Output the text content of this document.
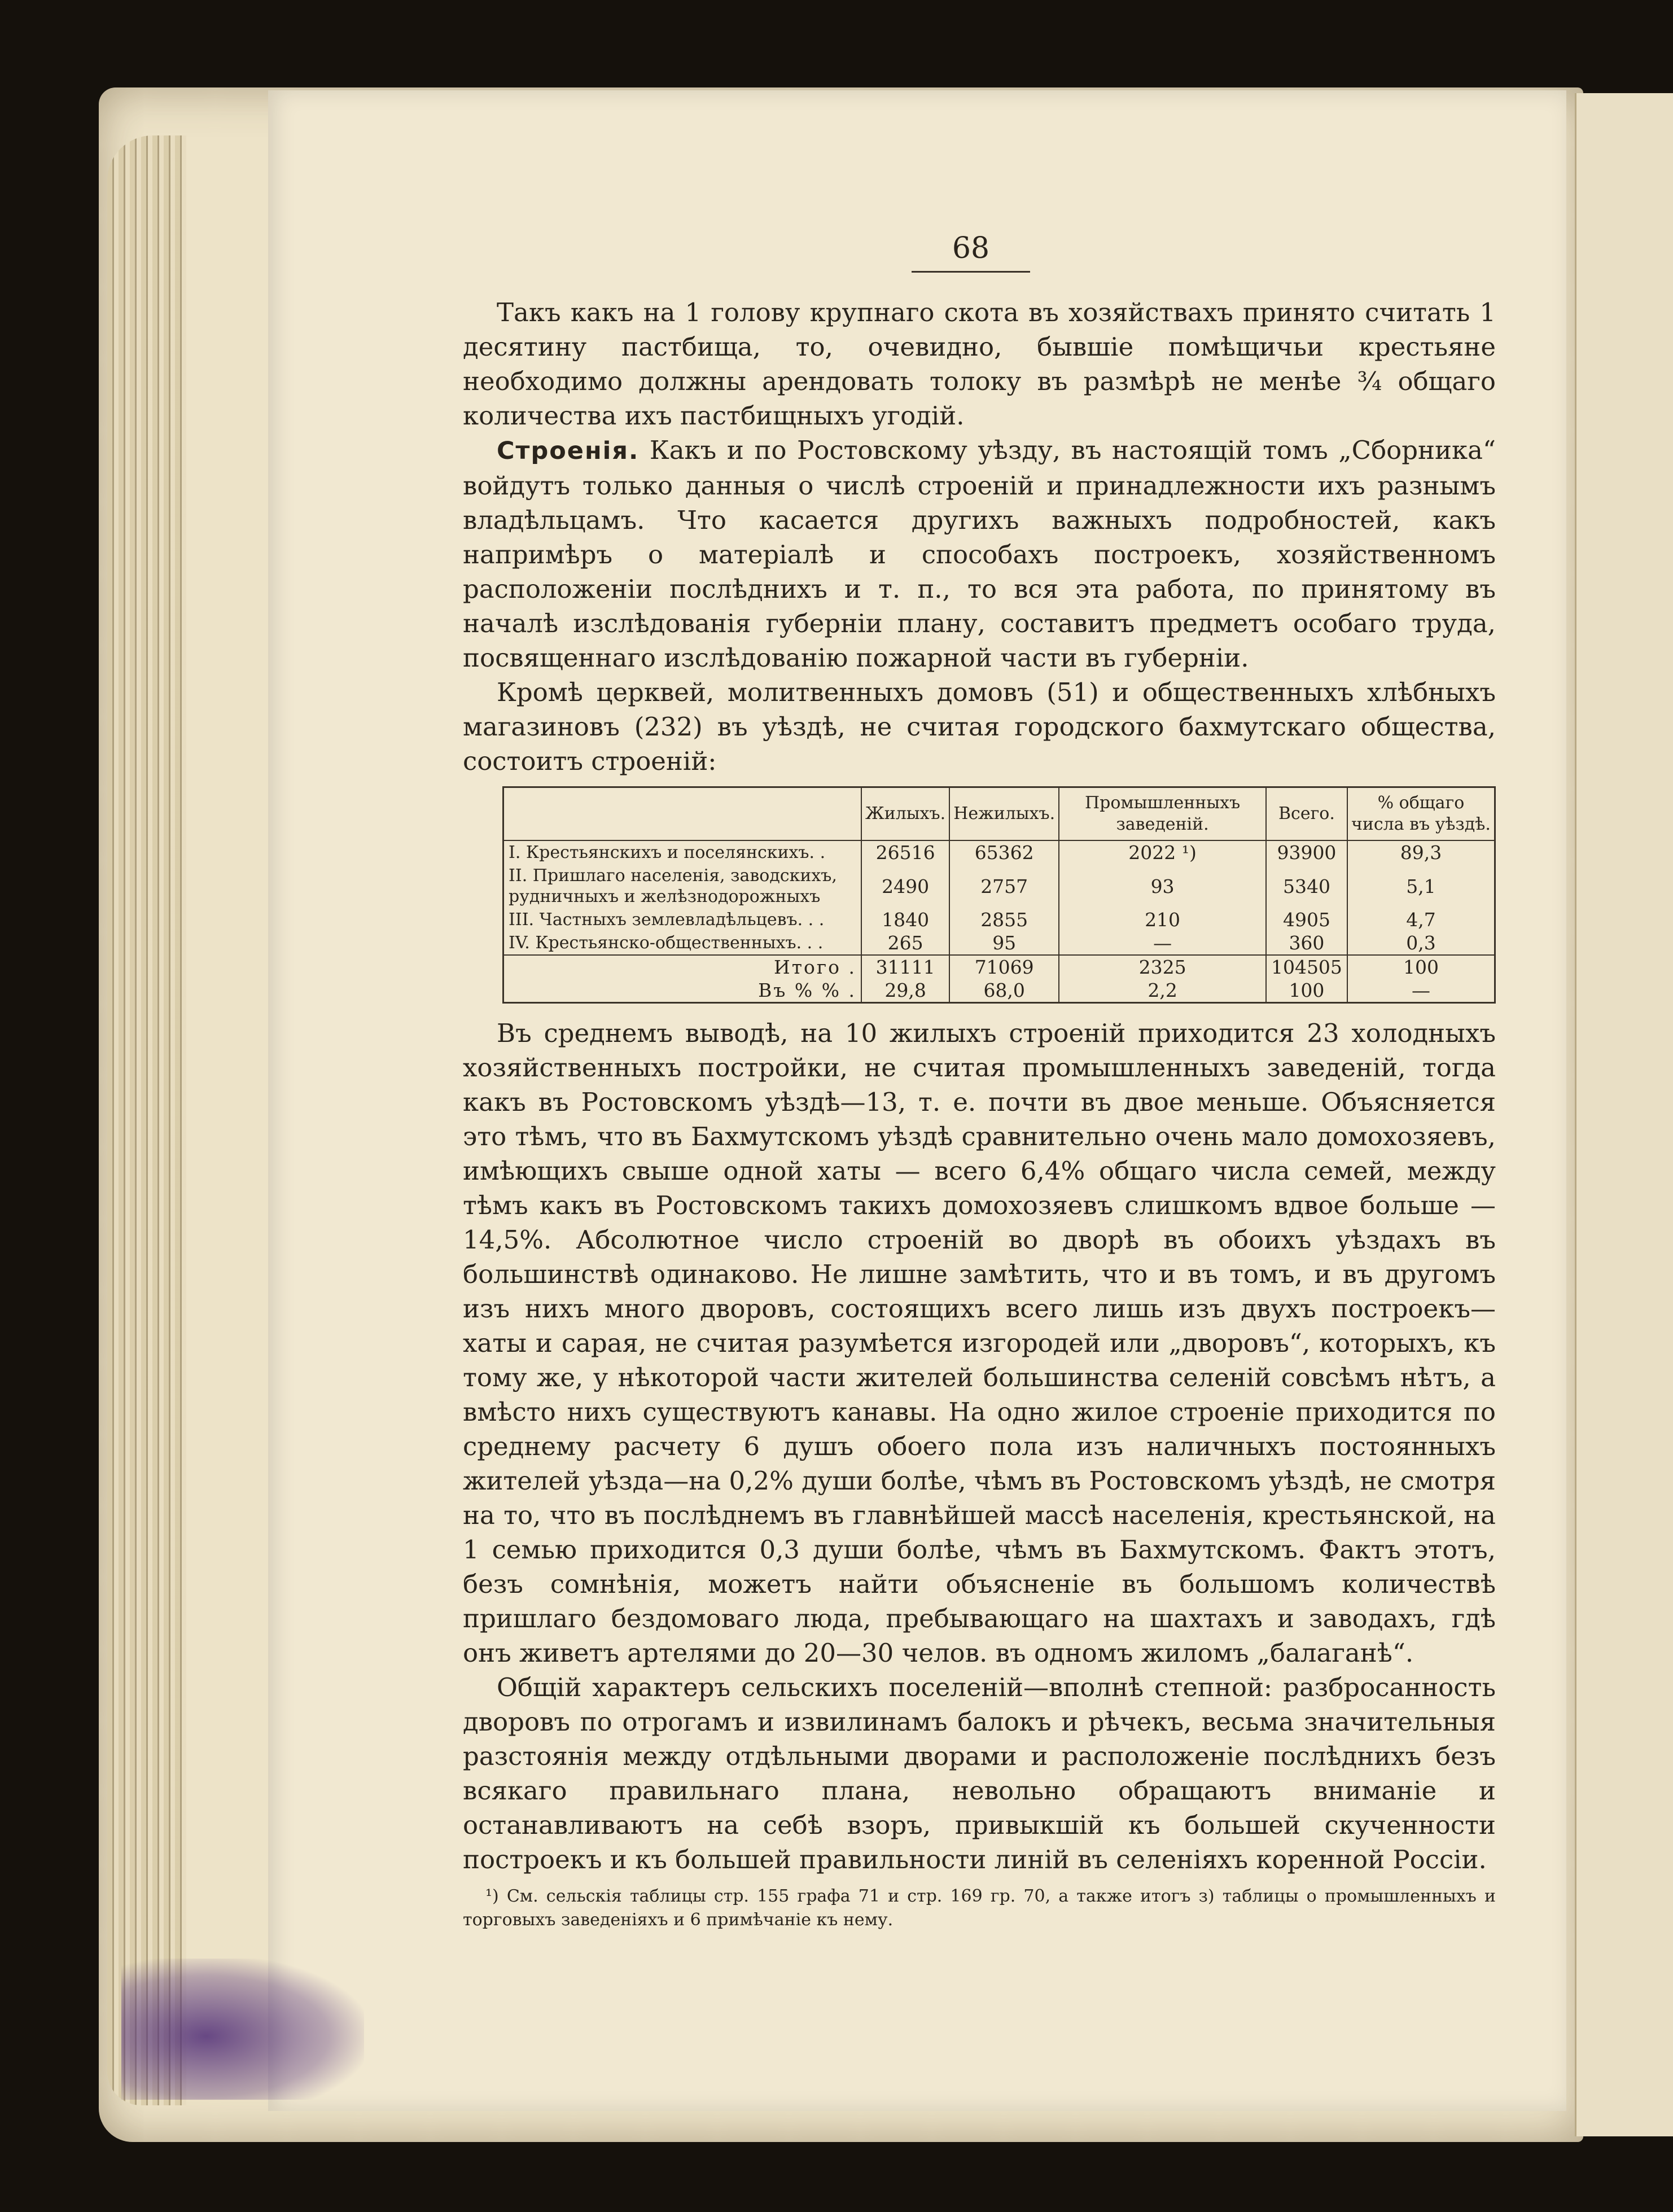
68

Такъ какъ на 1 голову крупнаго скота въ хозяйствахъ принято считать 1 десятину пастбища, то, очевидно, бывшіе помѣщичьи крестьяне необходимо должны арендовать толоку въ размѣрѣ не менѣе ¾ общаго количества ихъ пастбищныхъ угодій.

Строенія. Какъ и по Ростовскому уѣзду, въ настоящій томъ „Сборника“ войдутъ только данныя о числѣ строеній и принадлежности ихъ разнымъ владѣльцамъ. Что касается другихъ важныхъ подробностей, какъ напримѣръ о матеріалѣ и способахъ построекъ, хозяйственномъ расположеніи послѣднихъ и т. п., то вся эта работа, по принятому въ началѣ изслѣдованія губерніи плану, составитъ предметъ особаго труда, посвященнаго изслѣдованію пожарной части въ губерніи.

Кромѣ церквей, молитвенныхъ домовъ (51) и общественныхъ хлѣбныхъ магазиновъ (232) въ уѣздѣ, не считая городского бахмутскаго общества, состоитъ строеній:

	Жилыхъ.	Нежилыхъ.	Промышленныхъ заведеній.	Всего.	% общаго числа въ уѣздѣ.
I. Крестьянскихъ и поселянскихъ. .	26516	65362	2022 ¹)	93900	89,3
II. Пришлаго населенія, заводскихъ, рудничныхъ и желѣзнодорожныхъ	2490	2757	93	5340	5,1
III. Частныхъ землевладѣльцевъ. . .	1840	2855	210	4905	4,7
IV. Крестьянско-общественныхъ. . .	265	95	—	360	0,3
Итого .	31111	71069	2325	104505	100
Въ % % .	29,8	68,0	2,2	100	—

Въ среднемъ выводѣ, на 10 жилыхъ строеній приходится 23 холодныхъ хозяйственныхъ постройки, не считая промышленныхъ заведеній, тогда какъ въ Ростовскомъ уѣздѣ—13, т. е. почти въ двое меньше. Объясняется это тѣмъ, что въ Бахмутскомъ уѣздѣ сравнительно очень мало домохозяевъ, имѣющихъ свыше одной хаты — всего 6,4% общаго числа семей, между тѣмъ какъ въ Ростовскомъ такихъ домохозяевъ слишкомъ вдвое больше — 14,5%. Абсолютное число строеній во дворѣ въ обоихъ уѣздахъ въ большинствѣ одинаково. Не лишне замѣтить, что и въ томъ, и въ другомъ изъ нихъ много дворовъ, состоящихъ всего лишь изъ двухъ построекъ—хаты и сарая, не считая разумѣется изгородей или „дворовъ“, которыхъ, къ тому же, у нѣкоторой части жителей большинства селеній совсѣмъ нѣтъ, а вмѣсто нихъ существуютъ канавы. На одно жилое строеніе приходится по среднему расчету 6 душъ обоего пола изъ наличныхъ постоянныхъ жителей уѣзда—на 0,2% души болѣе, чѣмъ въ Ростовскомъ уѣздѣ, не смотря на то, что въ послѣднемъ въ главнѣйшей массѣ населенія, крестьянской, на 1 семью приходится 0,3 души болѣе, чѣмъ въ Бахмутскомъ. Фактъ этотъ, безъ сомнѣнія, можетъ найти объясненіе въ большомъ количествѣ пришлаго бездомоваго люда, пребывающаго на шахтахъ и заводахъ, гдѣ онъ живетъ артелями до 20—30 челов. въ одномъ жиломъ „балаганѣ“.

Общій характеръ сельскихъ поселеній—вполнѣ степной: разбросанность дворовъ по отрогамъ и извилинамъ балокъ и рѣчекъ, весьма значительныя разстоянія между отдѣльными дворами и расположеніе послѣднихъ безъ всякаго правильнаго плана, невольно обращаютъ вниманіе и останавливаютъ на себѣ взоръ, привыкшій къ большей скученности построекъ и къ большей правильности линій въ селеніяхъ коренной Россіи.

¹) См. сельскія таблицы стр. 155 графа 71 и стр. 169 гр. 70, а также итогъ з) таблицы о промышленныхъ и торговыхъ заведеніяхъ и 6 примѣчаніе къ нему.
